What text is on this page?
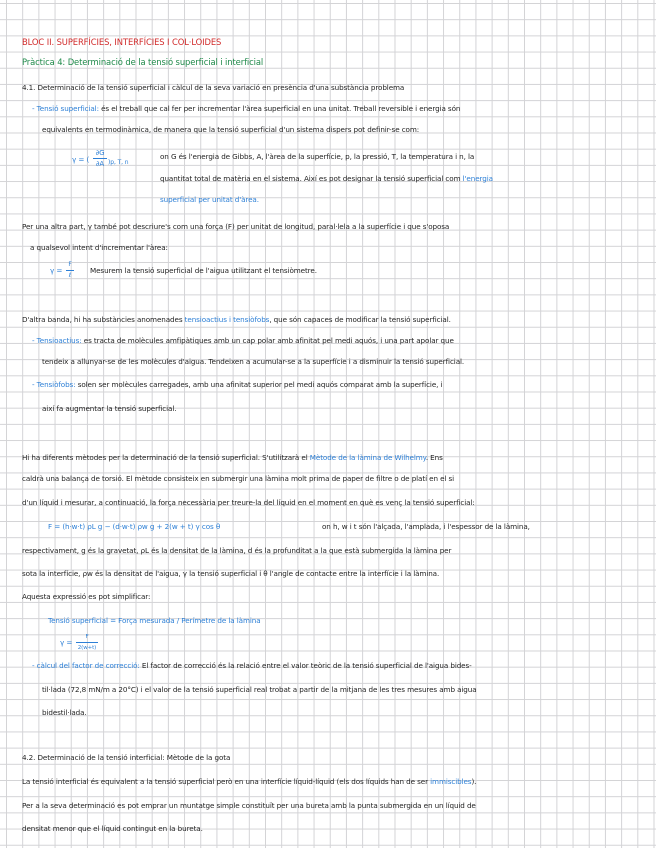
BLOC II. SUPERFÍCIES, INTERFÍCIES I COL·LOIDES
Pràctica 4: Determinació de la tensió superficial i interficial
4.1. Determinació de la tensió superficial i càlcul de la seva variació en presència d'una substància problema
- Tensió superficial: és el treball que cal fer per incrementar l'àrea superficial en una unitat. Treball reversible i energia són
equivalents en termodinàmica, de manera que la tensió superficial d'un sistema dispers pot definir-se com:
γ = (
∂G
∂A )p, T, n
on G és l'energia de Gibbs, A, l'àrea de la superfície, p, la pressió, T, la temperatura i n, la
quantitat total de matèria en el sistema. Així es pot designar la tensió superficial com l'energia
superficial per unitat d'àrea.
Per una altra part, γ també pot descriure's com una força (F) per unitat de longitud, paral·lela a la superfície i que s'oposa
a qualsevol intent d'incrementar l'àrea:
γ =
F
ℓ
Mesurem la tensió superficial de l'aigua utilitzant el tensiòmetre.
D'altra banda, hi ha substàncies anomenades tensioactius i tensiòfobs, que són capaces de modificar la tensió superficial.
- Tensioactius: es tracta de molècules amfipàtiques amb un cap polar amb afinitat pel medi aquós, i una part apolar que
tendeix a allunyar-se de les molècules d'aigua. Tendeixen a acumular-se a la superfície i a disminuir la tensió superficial.
- Tensiòfobs: solen ser molècules carregades, amb una afinitat superior pel medi aquós comparat amb la superfície, i
així fa augmentar la tensió superficial.
Hi ha diferents mètodes per la determinació de la tensió superficial. S'utilitzarà el Mètode de la làmina de Wilhelmy. Ens
caldrà una balança de torsió. El mètode consisteix en submergir una làmina molt prima de paper de filtre o de platí en el si
d'un líquid i mesurar, a continuació, la força necessària per treure-la del líquid en el moment en què es venç la tensió superficial:
F = (h·w·t) ρL g − (d·w·t) ρw g + 2(w + t) γ cos θ	on h, w i t són l'alçada, l'amplada, i l'espessor de la làmina,
respectivament, g és la gravetat, ρL és la densitat de la làmina, d és la profunditat a la que està submergida la làmina per
sota la interfície, ρw és la densitat de l'aigua, γ la tensió superficial i θ l'angle de contacte entre la interfície i la làmina.
Aquesta expressió es pot simplificar:
Tensió superficial = Força mesurada / Perímetre de la làmina
γ =
F
2(w+t)
- càlcul del factor de correcció: El factor de correcció és la relació entre el valor teòric de la tensió superficial de l'aigua bides-
til·lada (72,8 mN/m a 20°C) i el valor de la tensió superficial real trobat a partir de la mitjana de les tres mesures amb aigua
bidestil·lada.
4.2. Determinació de la tensió interficial: Mètode de la gota
La tensió interficial és equivalent a la tensió superficial però en una interfície líquid-líquid (els dos líquids han de ser immiscibles).
Per a la seva determinació es pot emprar un muntatge simple constituït per una bureta amb la punta submergida en un líquid de
densitat menor que el líquid contingut en la bureta.
